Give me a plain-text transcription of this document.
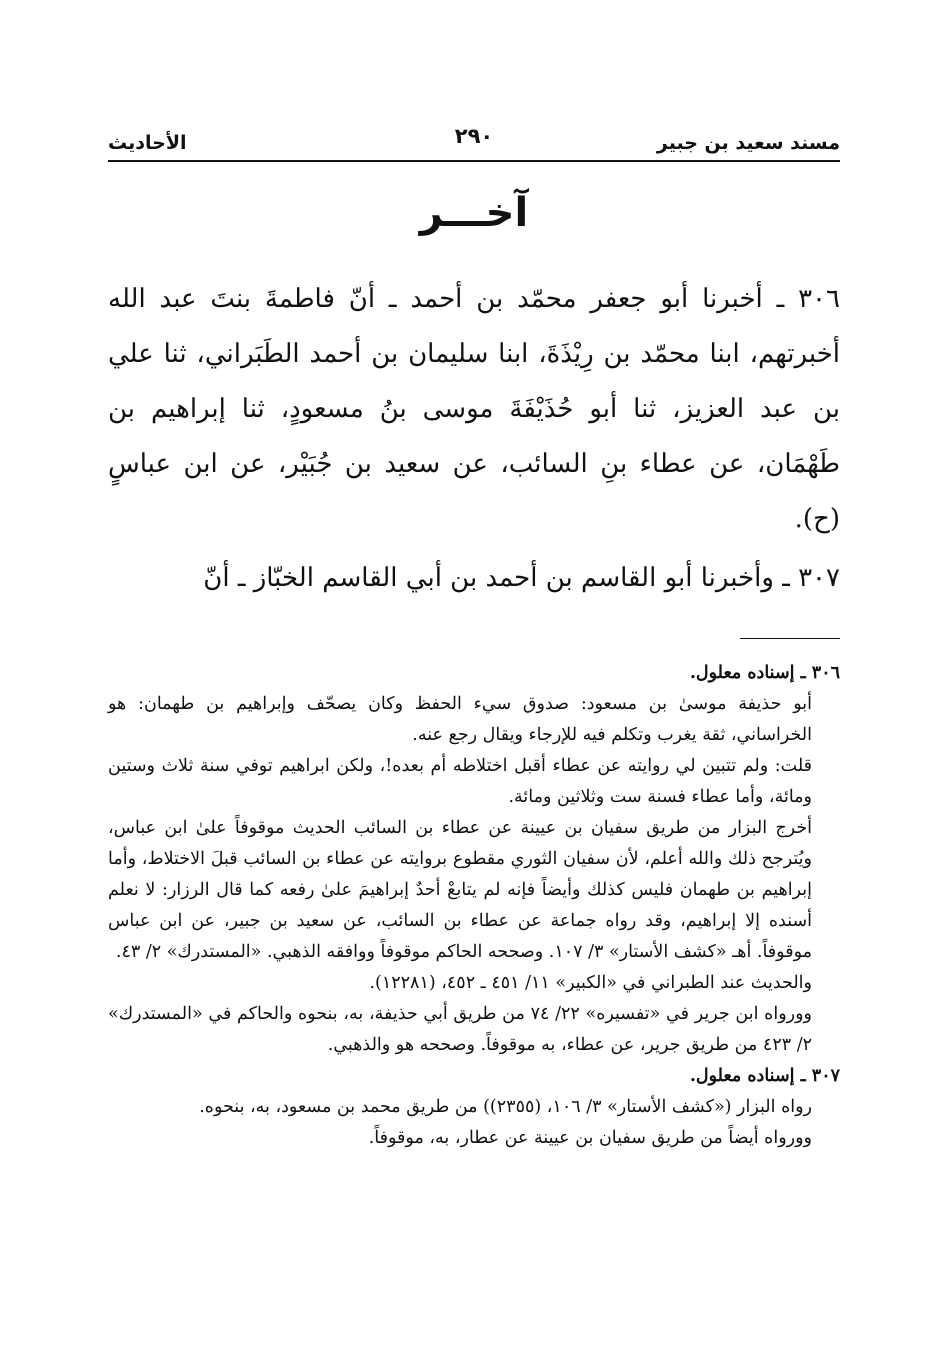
مسند سعيد بن جبير
الأحاديث	٢٩٠
آخـــر

٣٠٦ ـ أخبرنا أبو جعفر محمّد بن أحمد ـ أنّ فاطمةَ بنتَ عبد الله أخبرتهم، ابنا محمّد بن رِيْذَةَ، ابنا سليمان بن أحمد الطَبَراني، ثنا علي بن عبد العزيز، ثنا أبو حُذَيْفَةَ موسى بنُ مسعودٍ، ثنا إبراهيم بن طَهْمَان، عن عطاء بنِ السائب، عن سعيد بن جُبَيْر، عن ابن عباسٍ (ح).

٣٠٧ ـ وأخبرنا أبو القاسم بن أحمد بن أبي القاسم الخبّاز ـ أنّ

٣٠٦ ـ إسناده معلول.

أبو حذيفة موسىٰ بن مسعود: صدوق سيء الحفظ وكان يصحّف وإبراهيم بن طهمان: هو الخراساني، ثقة يغرب وتكلم فيه للإرجاء ويقال رجع عنه.

قلت: ولم تتبين لي روايته عن عطاء أقبل اختلاطه أم بعده!، ولكن ابراهيم توفي سنة ثلاث وستين ومائة، وأما عطاء فسنة ست وثلاثين ومائة.

أخرج البزار من طريق سفيان بن عيينة عن عطاء بن السائب الحديث موقوفاً علىٰ ابن عباس، ويُترجح ذلك والله أعلم، لأن سفيان الثوري مقطوع بروايته عن عطاء بن السائب قبلَ الاختلاط، وأما إبراهيم بن طهمان فليس كذلك وأيضاً فإنه لم يتابعْ أحدٌ إبراهيمَ علىٰ رفعه كما قال الرزار: لا نعلم أسنده إلا إبراهيم، وقد رواه جماعة عن عطاء بن السائب، عن سعيد بن جبير، عن ابن عباس موقوفاً. أهـ «كشف الأستار» ٣/ ١٠٧. وصححه الحاكم موقوفاً ووافقه الذهبي. «المستدرك» ٢/ ٤٣.

والحديث عند الطبراني في «الكبير» ١١/ ٤٥١ ـ ٤٥٢، (١٢٢٨١).

وورواه ابن جرير في «تفسيره» ٢٢/ ٧٤ من طريق أبي حذيفة، به، بنحوه والحاكم في «المستدرك» ٢/ ٤٢٣ من طريق جرير، عن عطاء، به موقوفاً. وصححه هو والذهبي.

٣٠٧ ـ إسناده معلول.

رواه البزار («كشف الأستار» ٣/ ١٠٦، (٢٣٥٥)) من طريق محمد بن مسعود، به، بنحوه.

وورواه أيضاً من طريق سفيان بن عيينة عن عطار، به، موقوفاً.
